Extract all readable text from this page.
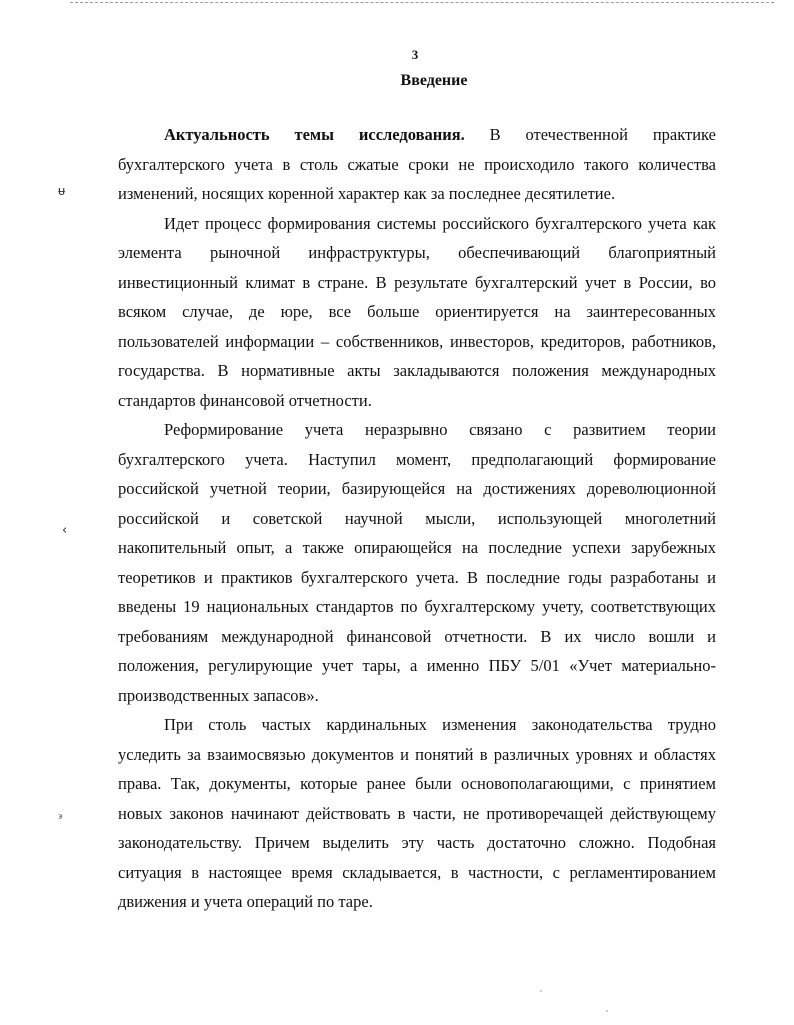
3
Введение

Актуальность темы исследования. В отечественной практике бухгалтерского учета в столь сжатые сроки не происходило такого количества изменений, носящих коренной характер как за последнее десятилетие.

Идет процесс формирования системы российского бухгалтерского учета как элемента рыночной инфраструктуры, обеспечивающий благоприятный инвестиционный климат в стране. В результате бухгалтерский учет в России, во всяком случае, де юре, все больше ориентируется на заинтересованных пользователей информации – собственников, инвесторов, кредиторов, работников, государства. В нормативные акты закладываются положения международных стандартов финансовой отчетности.

Реформирование учета неразрывно связано с развитием теории бухгалтерского учета. Наступил момент, предполагающий формирование российской учетной теории, базирующейся на достижениях дореволюционной российской и советской научной мысли, использующей многолетний накопительный опыт, а также опирающейся на последние успехи зарубежных теоретиков и практиков бухгалтерского учета. В последние годы разработаны и введены 19 национальных стандартов по бухгалтерскому учету, соответствующих требованиям международной финансовой отчетности. В их число вошли и положения, регулирующие учет тары, а именно ПБУ 5/01 «Учет материально-производственных запасов».

При столь частых кардинальных изменения законодательства трудно уследить за взаимосвязью документов и понятий в различных уровнях и областях права. Так, документы, которые ранее были основополагающими, с принятием новых законов начинают действовать в части, не противоречащей действующему законодательству. Причем выделить эту часть достаточно сложно. Подобная ситуация в настоящее время складывается, в частности, с регламентированием движения и учета операций по таре.

ᵾ
‹
ᵌ
